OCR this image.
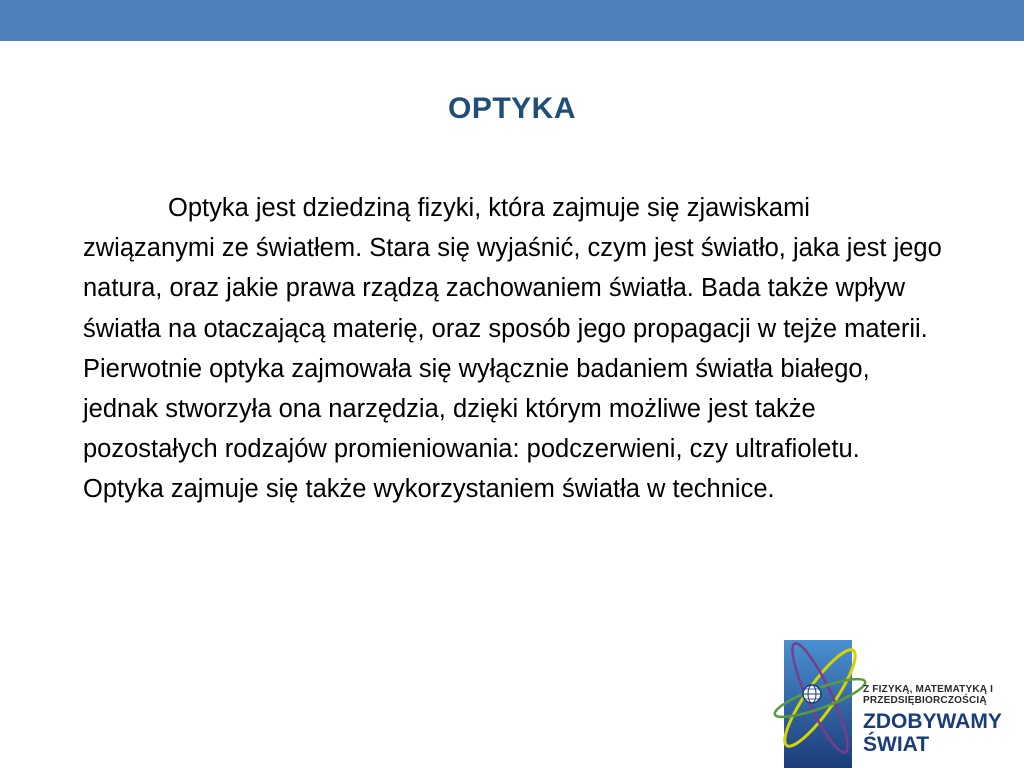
OPTYKA

Optyka jest dziedziną fizyki, która zajmuje się zjawiskami związanymi ze światłem. Stara się wyjaśnić, czym jest światło, jaka jest jego natura, oraz jakie prawa rządzą zachowaniem światła. Bada także wpływ światła na otaczającą materię, oraz sposób jego propagacji w tejże materii. Pierwotnie optyka zajmowała się wyłącznie badaniem światła białego, jednak stworzyła ona narzędzia, dzięki którym możliwe jest także pozostałych rodzajów promieniowania: podczerwieni, czy ultrafioletu. Optyka zajmuje się także wykorzystaniem światła w technice.

Z FIZYKĄ, MATEMATYKĄ I PRZEDSIĘBIORCZOŚCIĄ
ZDOBYWAMY
ŚWIAT
